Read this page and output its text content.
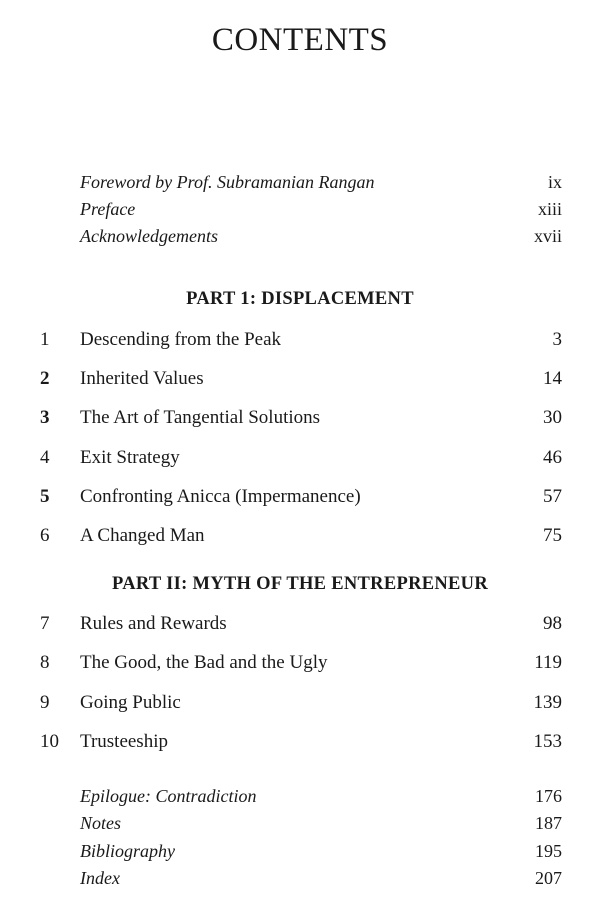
CONTENTS
Foreword by Prof. Subramanian Rangan	ix
Preface	xiii
Acknowledgements	xvii
PART 1: DISPLACEMENT
1	Descending from the Peak	3
2	Inherited Values	14
3	The Art of Tangential Solutions	30
4	Exit Strategy	46
5	Confronting Anicca (Impermanence)	57
6	A Changed Man	75
PART II: MYTH OF THE ENTREPRENEUR
7	Rules and Rewards	98
8	The Good, the Bad and the Ugly	119
9	Going Public	139
10	Trusteeship	153
Epilogue: Contradiction	176
Notes	187
Bibliography	195
Index	207
